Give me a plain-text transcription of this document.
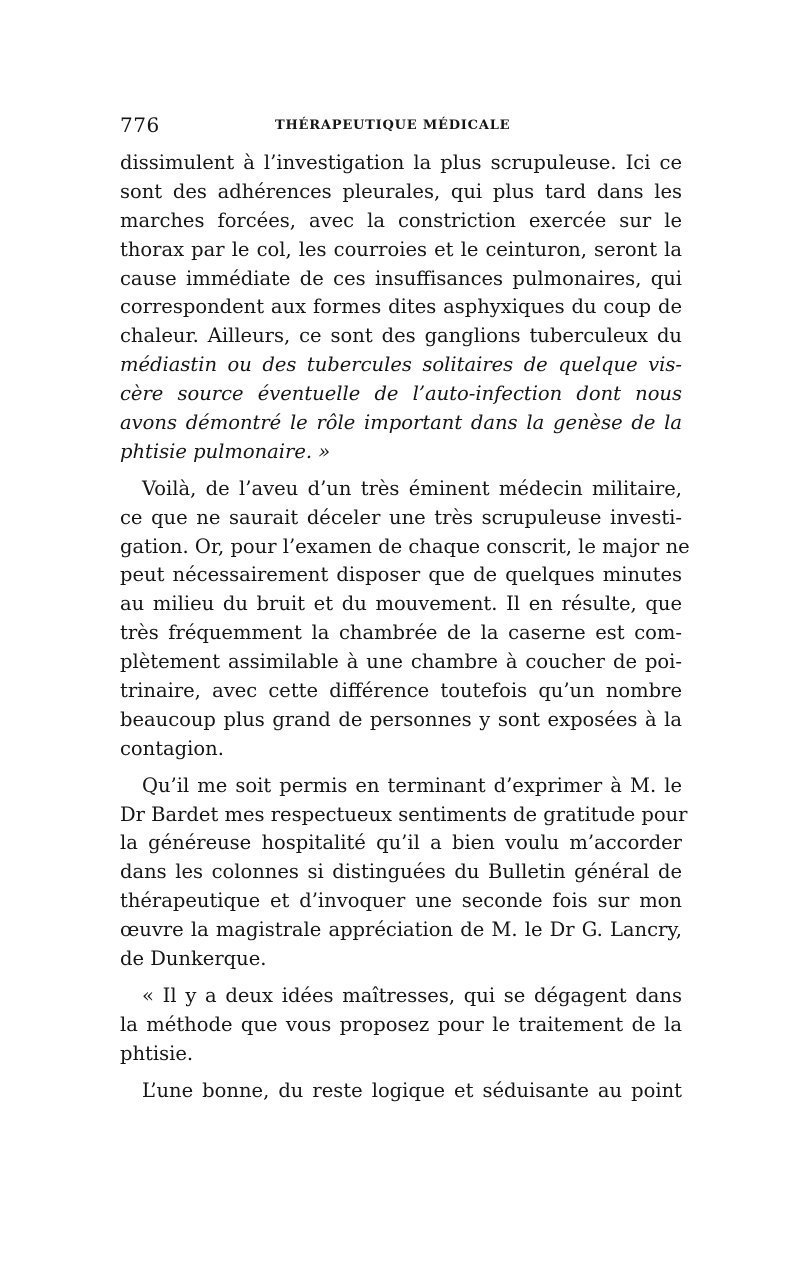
776	THÉRAPEUTIQUE MÉDICALE
dissimulent à l’investigation la plus scrupuleuse. Ici ce
sont des adhérences pleurales, qui plus tard dans les
marches forcées, avec la constriction exercée sur le
thorax par le col, les courroies et le ceinturon, seront la
cause immédiate de ces insuffisances pulmonaires, qui
correspondent aux formes dites asphyxiques du coup de
chaleur. Ailleurs, ce sont des ganglions tuberculeux du
médiastin ou des tubercules solitaires de quelque vis-
cère source éventuelle de l’auto-infection dont nous
avons démontré le rôle important dans la genèse de la
phtisie pulmonaire. »
Voilà, de l’aveu d’un très éminent médecin militaire,
ce que ne saurait déceler une très scrupuleuse investi-
gation. Or, pour l’examen de chaque conscrit, le major ne
peut nécessairement disposer que de quelques minutes
au milieu du bruit et du mouvement. Il en résulte, que
très fréquemment la chambrée de la caserne est com-
plètement assimilable à une chambre à coucher de poi-
trinaire, avec cette différence toutefois qu’un nombre
beaucoup plus grand de personnes y sont exposées à la
contagion.
Qu’il me soit permis en terminant d’exprimer à M. le
Dr Bardet mes respectueux sentiments de gratitude pour
la généreuse hospitalité qu’il a bien voulu m’accorder
dans les colonnes si distinguées du Bulletin général de
thérapeutique et d’invoquer une seconde fois sur mon
œuvre la magistrale appréciation de M. le Dr G. Lancry,
de Dunkerque.
« Il y a deux idées maîtresses, qui se dégagent dans
la méthode que vous proposez pour le traitement de la
phtisie.
L’une bonne, du reste logique et séduisante au point
